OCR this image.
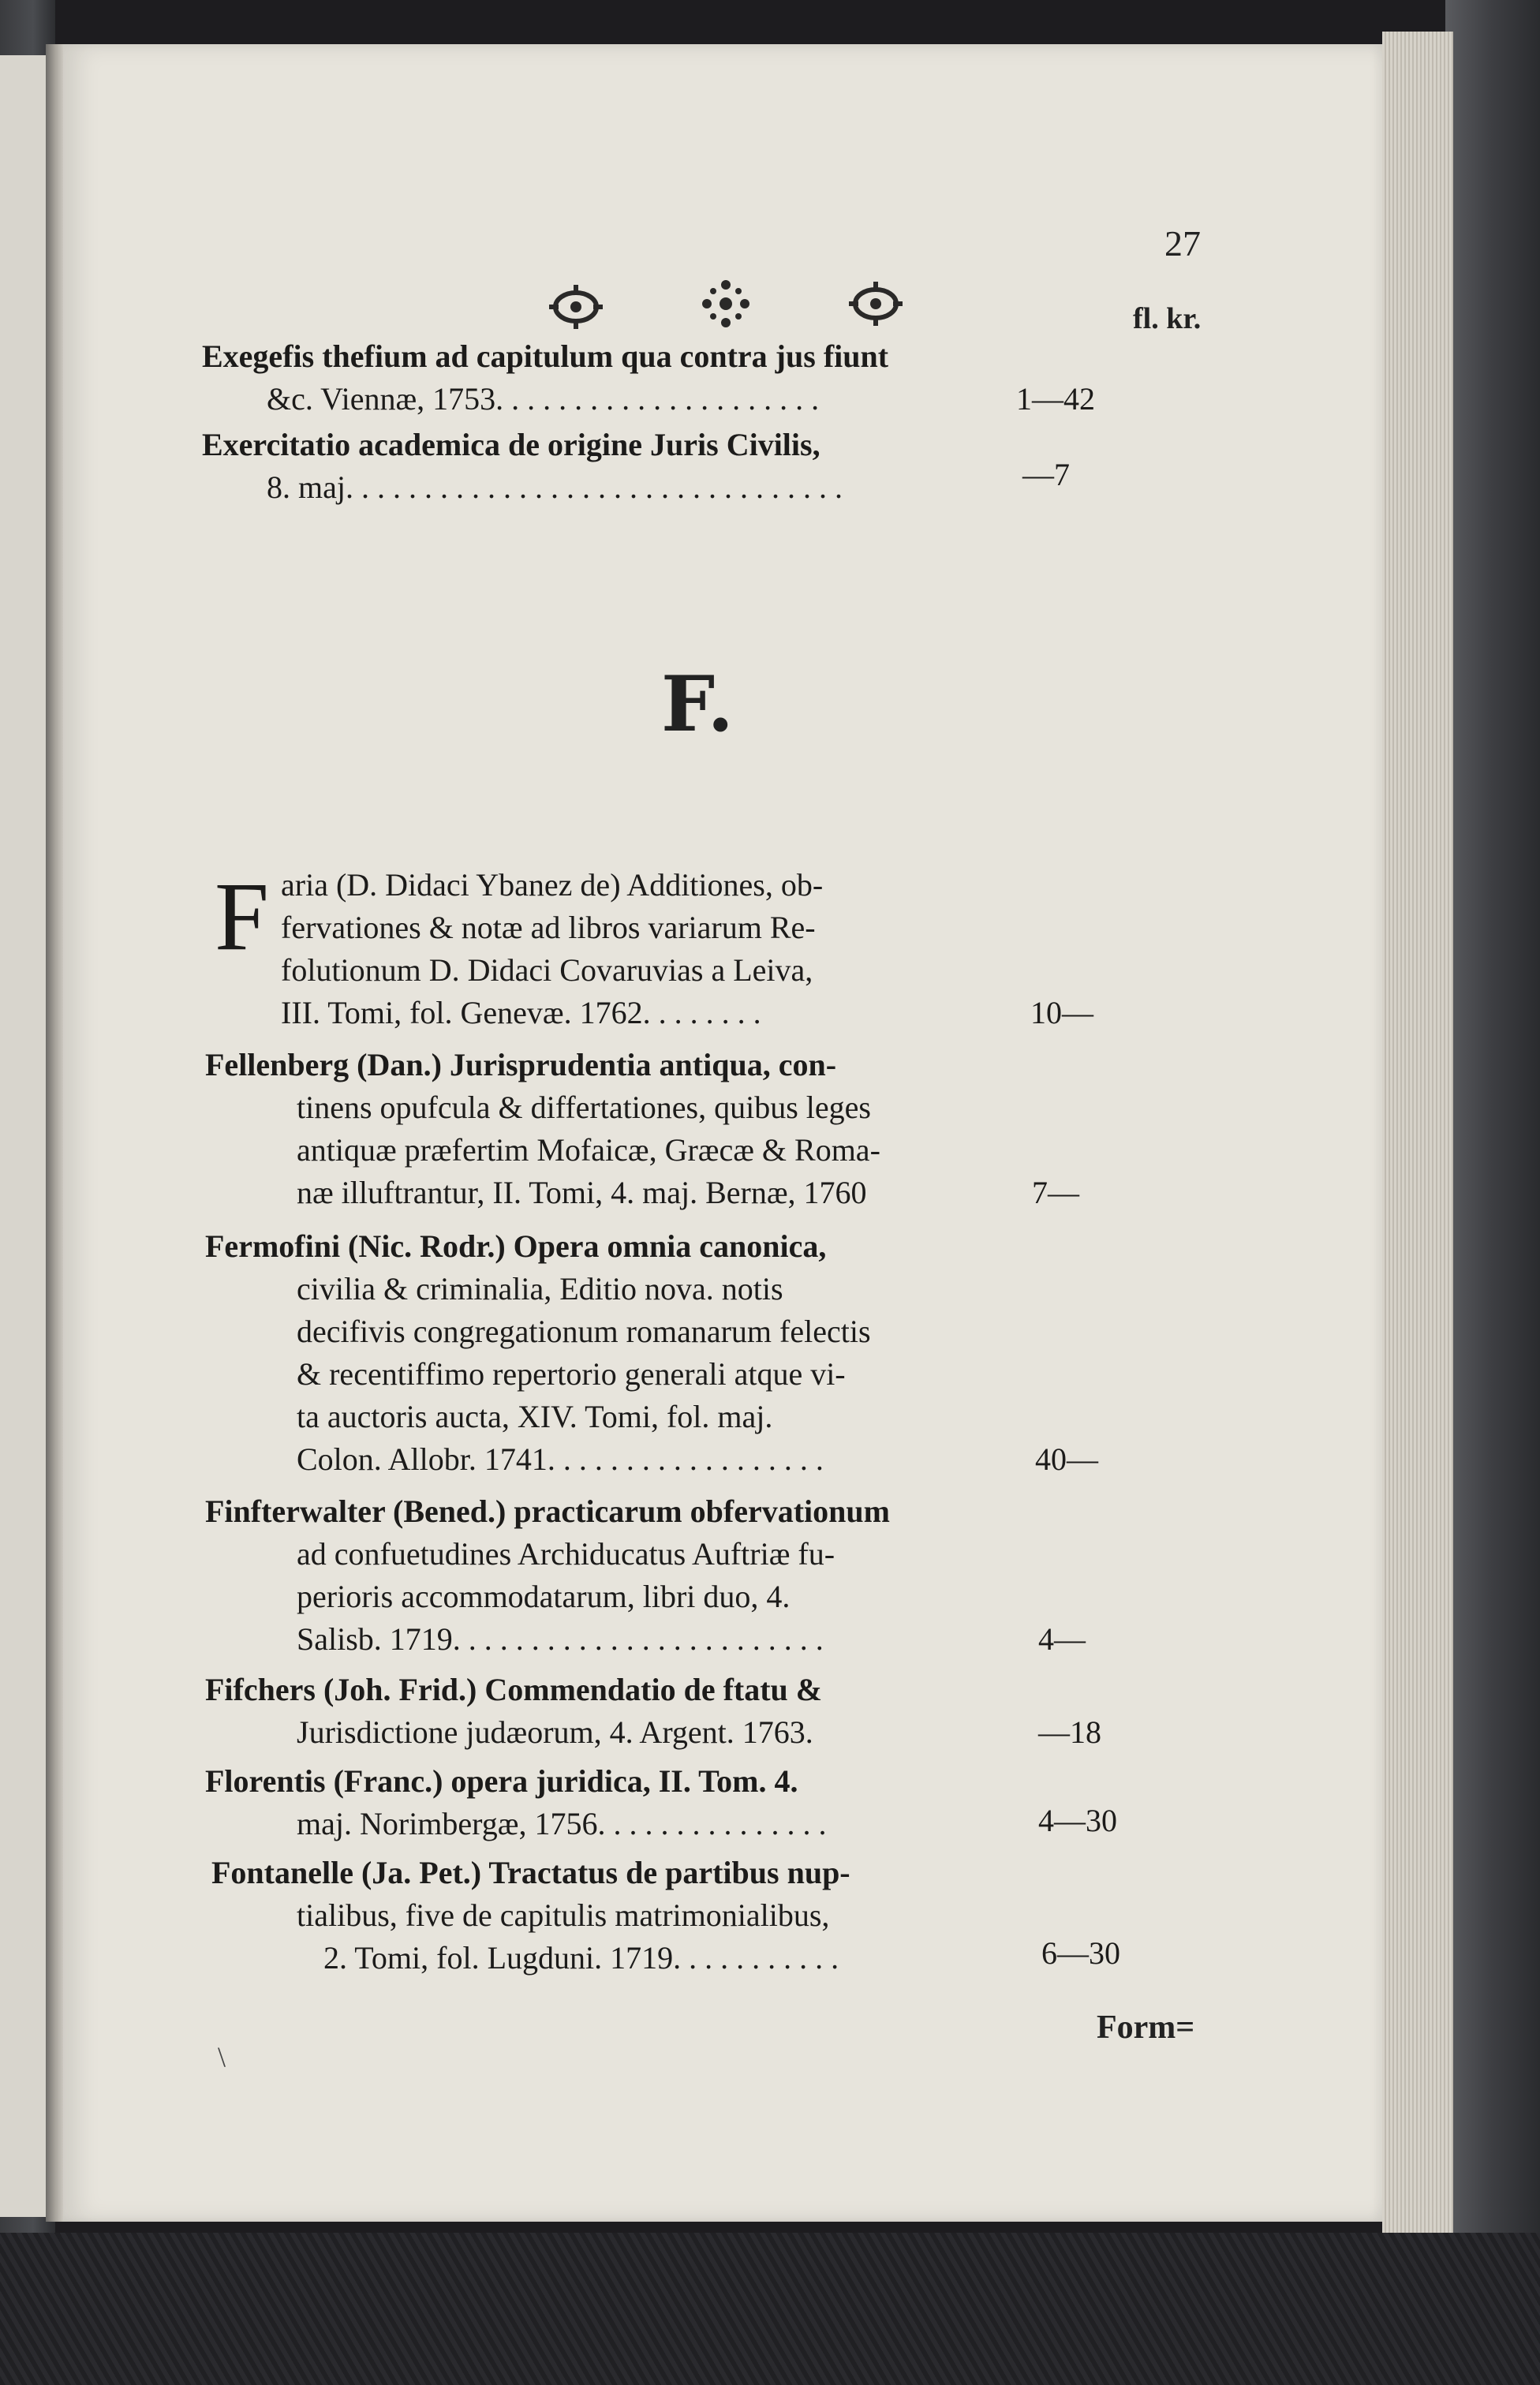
27
fl. kr.
Exegefis thefium ad capitulum qua contra jus fiunt
&c. Viennæ, 1753. . . . . . . . . . . . . . . . . . . . .	1—42
Exercitatio academica de origine Juris Civilis,
8. maj. . . . . . . . . . . . . . . . . . . . . . . . . . . . . . . .	—7
F.
F aria (D. Didaci Ybanez de) Additiones, ob-
fervationes & notæ ad libros variarum Re-
folutionum D. Didaci Covaruvias a Leiva,
III. Tomi, fol. Genevæ. 1762. . . . . . . .	10—
Fellenberg (Dan.) Jurisprudentia antiqua, con-
tinens opufcula & differtationes, quibus leges
antiquæ præfertim Mofaicæ, Græcæ & Roma-
næ illuftrantur, II. Tomi, 4. maj. Bernæ, 1760	7—
Fermofini (Nic. Rodr.) Opera omnia canonica,
civilia & criminalia, Editio nova. notis
decifivis congregationum romanarum felectis
& recentiffimo repertorio generali atque vi-
ta auctoris aucta, XIV. Tomi, fol. maj.
Colon. Allobr. 1741. . . . . . . . . . . . . . . . . .	40—
Finfterwalter (Bened.) practicarum obfervationum
ad confuetudines Archiducatus Auftriæ fu-
perioris accommodatarum, libri duo, 4.
Salisb. 1719. . . . . . . . . . . . . . . . . . . . . . . .	4—
Fifchers (Joh. Frid.) Commendatio de ftatu &
Jurisdictione judæorum, 4. Argent. 1763.	—18
Florentis (Franc.) opera juridica, II. Tom. 4.
maj. Norimbergæ, 1756. . . . . . . . . . . . . . .	4—30
Fontanelle (Ja. Pet.) Tractatus de partibus nup-
tialibus, five de capitulis matrimonialibus,
2. Tomi, fol. Lugduni. 1719. . . . . . . . . . .	6—30
Form=
\
